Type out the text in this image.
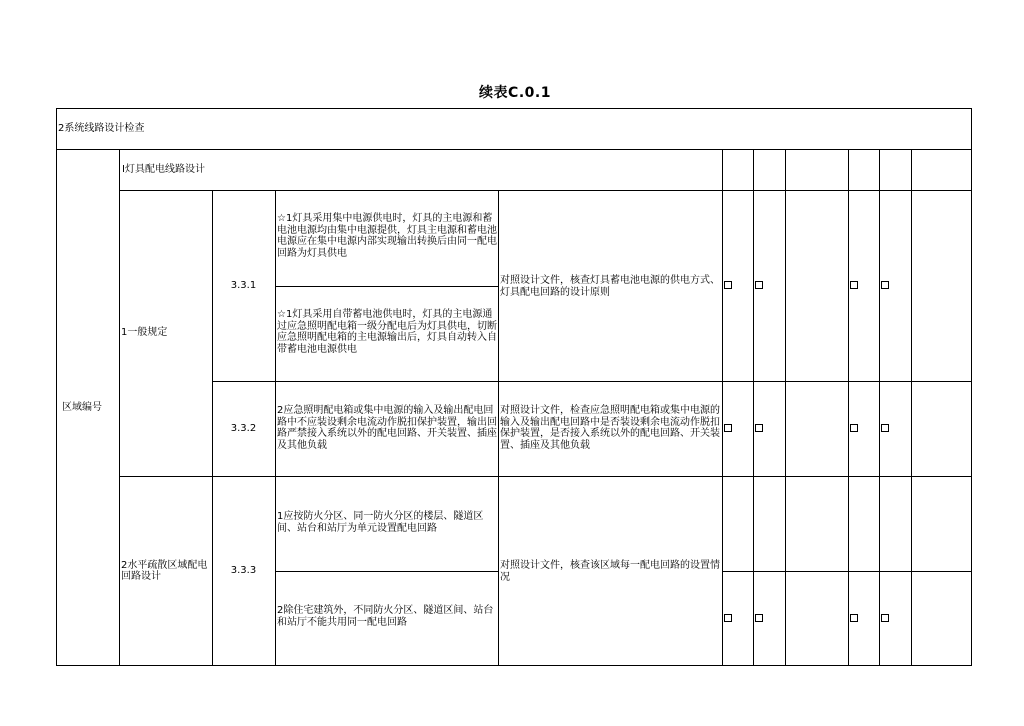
续表C.0.1
2系统线路设计检查
区域编号
Ⅰ灯具配电线路设计
1一般规定
2水平疏散区域配电回路设计
3.3.1
3.3.2
3.3.3
☆1灯具采用集中电源供电时，灯具的主电源和蓄电池电源均由集中电源提供，灯具主电源和蓄电池电源应在集中电源内部实现输出转换后由同一配电回路为灯具供电
☆1灯具采用自带蓄电池供电时，灯具的主电源通过应急照明配电箱一级分配电后为灯具供电，切断应急照明配电箱的主电源输出后，灯具自动转入自带蓄电池电源供电
2应急照明配电箱或集中电源的输入及输出配电回路中不应装设剩余电流动作脱扣保护装置，输出回路严禁接入系统以外的配电回路、开关装置、插座及其他负载
1应按防火分区、同一防火分区的楼层、隧道区间、站台和站厅为单元设置配电回路
2除住宅建筑外，不同防火分区、隧道区间、站台和站厅不能共用同一配电回路
对照设计文件，核查灯具蓄电池电源的供电方式、灯具配电回路的设计原则
对照设计文件，检查应急照明配电箱或集中电源的输入及输出配电回路中是否装设剩余电流动作脱扣保护装置，是否接入系统以外的配电回路、开关装置、插座及其他负载
对照设计文件，核查该区域每一配电回路的设置情况
